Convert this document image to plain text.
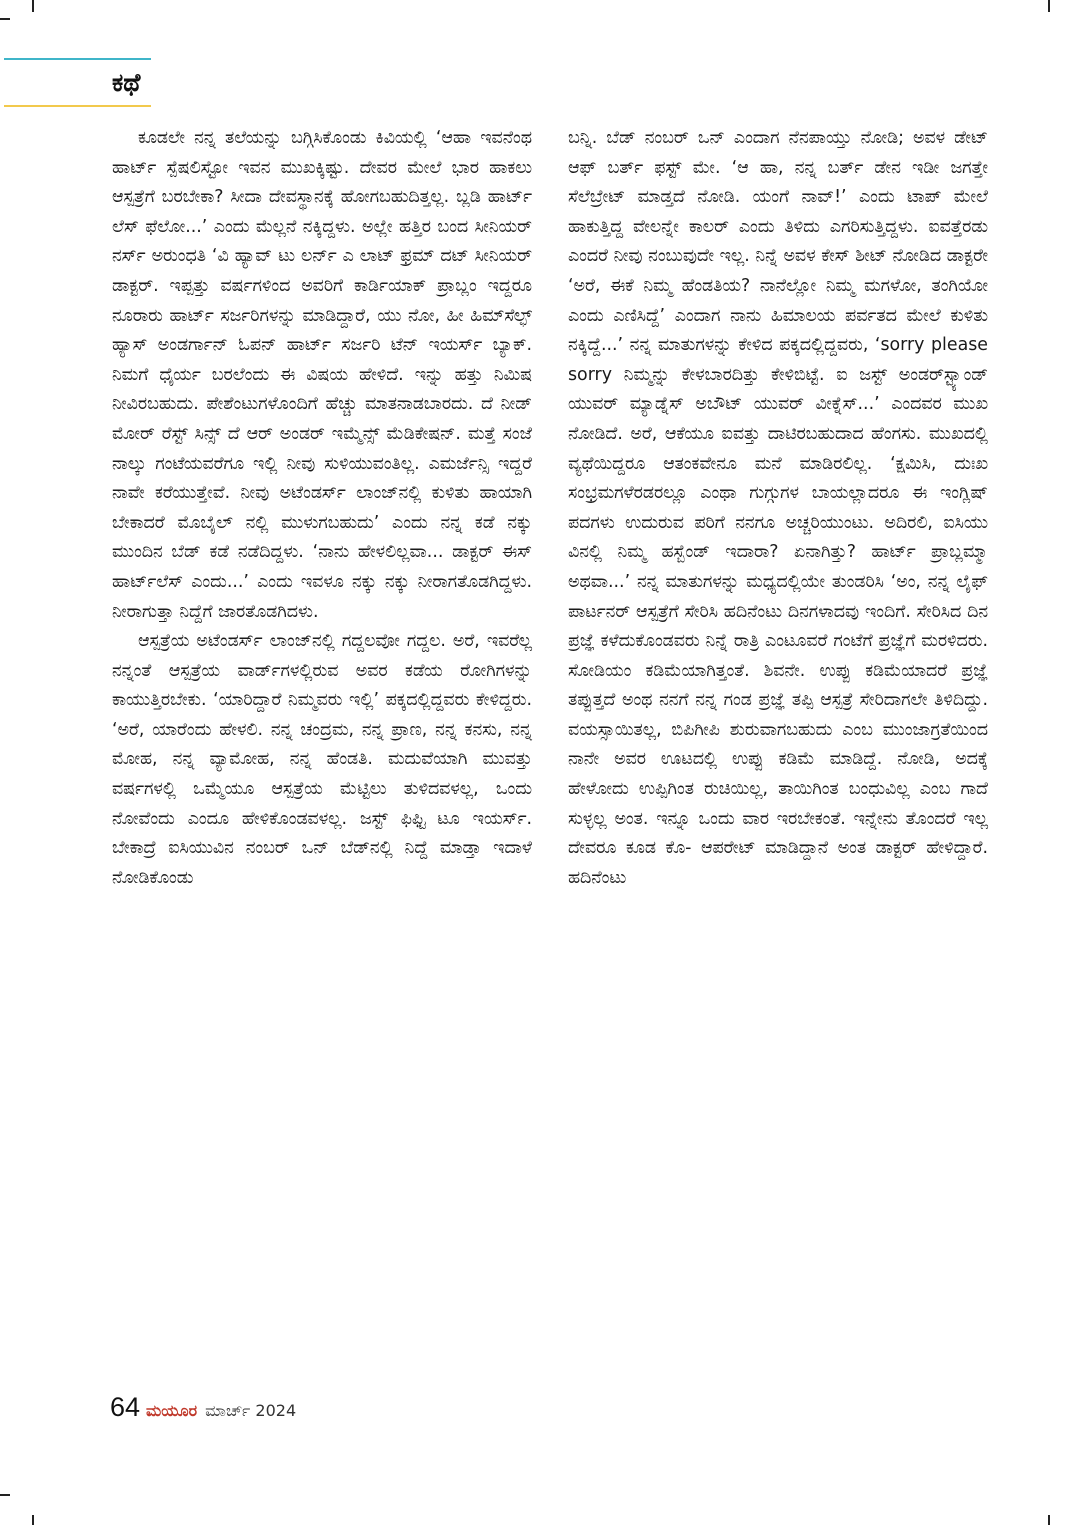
ಕಥೆ

ಕೂಡಲೇ ನನ್ನ ತಲೆಯನ್ನು ಬಗ್ಗಿಸಿಕೊಂಡು ಕಿವಿಯಲ್ಲಿ ‘ಆಹಾ ಇವನೆಂಥ ಹಾರ್ಟ್ ಸ್ಪೆಷಲಿಸ್ಟೋ ಇವನ ಮುಖಕ್ಕಿಷ್ಟು. ದೇವರ ಮೇಲೆ ಭಾರ ಹಾಕಲು ಆಸ್ಪತ್ರೆಗೆ ಬರಬೇಕಾ? ಸೀದಾ ದೇವಸ್ಥಾನಕ್ಕೆ ಹೋಗಬಹುದಿತ್ತಲ್ಲ. ಬ್ಲಡಿ ಹಾರ್ಟ್ ಲೆಸ್ ಫೆಲೋ...’ ಎಂದು ಮೆಲ್ಲನೆ ನಕ್ಕಿದ್ದಳು. ಅಲ್ಲೇ ಹತ್ತಿರ ಬಂದ ಸೀನಿಯರ್ ನರ್ಸ್ ಅರುಂಧತಿ ‘ವಿ ಹ್ಯಾವ್ ಟು ಲರ್ನ್ ಎ ಲಾಟ್ ಫ್ರಮ್ ದಟ್ ಸೀನಿಯರ್ ಡಾಕ್ಟರ್. ಇಪ್ಪತ್ತು ವರ್ಷಗಳಿಂದ ಅವರಿಗೆ ಕಾರ್ಡಿಯಾಕ್ ಪ್ರಾಬ್ಲಂ ಇದ್ದರೂ ನೂರಾರು ಹಾರ್ಟ್ ಸರ್ಜರಿಗಳನ್ನು ಮಾಡಿದ್ದಾರೆ, ಯು ನೋ, ಹೀ ಹಿಮ್‌ಸೆಲ್ಫ್ ಹ್ಯಾಸ್ ಅಂಡರ್ಗಾನ್ ಓಪನ್ ಹಾರ್ಟ್ ಸರ್ಜರಿ ಟೆನ್ ಇಯರ್ಸ್ ಬ್ಯಾಕ್. ನಿಮಗೆ ಧೈರ್ಯ ಬರಲೆಂದು ಈ ವಿಷಯ ಹೇಳಿದೆ. ಇನ್ನು ಹತ್ತು ನಿಮಿಷ ನೀವಿರಬಹುದು. ಪೇಶೆಂಟುಗಳೊಂದಿಗೆ ಹೆಚ್ಚು ಮಾತನಾಡಬಾರದು. ದೆ ನೀಡ್ ಮೋರ್ ರೆಸ್ಟ್ ಸಿನ್ಸ್ ದೆ ಆರ್ ಅಂಡರ್ ಇಮ್ಮೆನ್ಸ್ ಮೆಡಿಕೇಷನ್. ಮತ್ತೆ ಸಂಜೆ ನಾಲ್ಕು ಗಂಟೆಯವರೆಗೂ ಇಲ್ಲಿ ನೀವು ಸುಳಿಯುವಂತಿಲ್ಲ. ಎಮರ್ಜೆನ್ಸಿ ಇದ್ದರೆ ನಾವೇ ಕರೆಯುತ್ತೇವೆ. ನೀವು ಅಟೆಂಡರ್ಸ್ ಲಾಂಜ್‌ನಲ್ಲಿ ಕುಳಿತು ಹಾಯಾಗಿ ಬೇಕಾದರೆ ಮೊಬೈಲ್ ನಲ್ಲಿ ಮುಳುಗಬಹುದು’ ಎಂದು ನನ್ನ ಕಡೆ ನಕ್ಕು ಮುಂದಿನ ಬೆಡ್ ಕಡೆ ನಡೆದಿದ್ದಳು. ‘ನಾನು ಹೇಳಲಿಲ್ಲವಾ... ಡಾಕ್ಟರ್ ಈಸ್ ಹಾರ್ಟ್‌ಲೆಸ್ ಎಂದು...’ ಎಂದು ಇವಳೂ ನಕ್ಕು ನಕ್ಕು ನೀರಾಗತೊಡಗಿದ್ದಳು. ನೀರಾಗುತ್ತಾ ನಿದ್ದೆಗೆ ಜಾರತೊಡಗಿದಳು.

ಆಸ್ಪತ್ರೆಯ ಅಟೆಂಡರ್ಸ್ ಲಾಂಜ್‌ನಲ್ಲಿ ಗದ್ದಲವೋ ಗದ್ದಲ. ಅರೆ, ಇವರೆಲ್ಲ ನನ್ನಂತೆ ಆಸ್ಪತ್ರೆಯ ವಾರ್ಡ್‌ಗಳಲ್ಲಿರುವ ಅವರ ಕಡೆಯ ರೋಗಿಗಳನ್ನು ಕಾಯುತ್ತಿರಬೇಕು. ‘ಯಾರಿದ್ದಾರೆ ನಿಮ್ಮವರು ಇಲ್ಲಿ’ ಪಕ್ಕದಲ್ಲಿದ್ದವರು ಕೇಳಿದ್ದರು. ‘ಅರೆ, ಯಾರೆಂದು ಹೇಳಲಿ. ನನ್ನ ಚಂದ್ರಮ, ನನ್ನ ಪ್ರಾಣ, ನನ್ನ ಕನಸು, ನನ್ನ ಮೋಹ, ನನ್ನ ವ್ಯಾಮೋಹ, ನನ್ನ ಹೆಂಡತಿ. ಮದುವೆಯಾಗಿ ಮುವತ್ತು ವರ್ಷಗಳಲ್ಲಿ ಒಮ್ಮೆಯೂ ಆಸ್ಪತ್ರೆಯ ಮೆಟ್ಟಿಲು ತುಳಿದವಳಲ್ಲ, ಒಂದು ನೋವೆಂದು ಎಂದೂ ಹೇಳಿಕೊಂಡವಳಲ್ಲ. ಜಸ್ಟ್ ಫಿಫ್ಟಿ ಟೂ ಇಯರ್ಸ್. ಬೇಕಾದ್ರೆ ಐಸಿಯುವಿನ ನಂಬರ್ ಒನ್ ಬೆಡ್‌ನಲ್ಲಿ ನಿದ್ದೆ ಮಾಡ್ತಾ ಇದಾಳೆ ನೋಡಿಕೊಂಡು

ಬನ್ನಿ. ಬೆಡ್ ನಂಬರ್ ಒನ್ ಎಂದಾಗ ನೆನಪಾಯ್ತು ನೋಡಿ; ಅವಳ ಡೇಟ್ ಆಫ್ ಬರ್ತ್ ಫಸ್ಟ್ ಮೇ. ‘ಆ ಹಾ, ನನ್ನ ಬರ್ತ್ ಡೇನ ಇಡೀ ಜಗತ್ತೇ ಸೆಲೆಬ್ರೇಟ್ ಮಾಡ್ತದೆ ನೋಡಿ. ಯಂಗೆ ನಾವ್!’ ಎಂದು ಟಾಪ್ ಮೇಲೆ ಹಾಕುತ್ತಿದ್ದ ವೇಲನ್ನೇ ಕಾಲರ್ ಎಂದು ತಿಳಿದು ಎಗರಿಸುತ್ತಿದ್ದಳು. ಐವತ್ತೆರಡು ಎಂದರೆ ನೀವು ನಂಬುವುದೇ ಇಲ್ಲ. ನಿನ್ನೆ ಅವಳ ಕೇಸ್ ಶೀಟ್ ನೋಡಿದ ಡಾಕ್ಟರೇ ‘ಅರೆ, ಈಕೆ ನಿಮ್ಮ ಹೆಂಡತಿಯ? ನಾನೆಲ್ಲೋ ನಿಮ್ಮ ಮಗಳೋ, ತಂಗಿಯೋ ಎಂದು ಎಣಿಸಿದ್ದೆ’ ಎಂದಾಗ ನಾನು ಹಿಮಾಲಯ ಪರ್ವತದ ಮೇಲೆ ಕುಳಿತು ನಕ್ಕಿದ್ದೆ...’ ನನ್ನ ಮಾತುಗಳನ್ನು ಕೇಳಿದ ಪಕ್ಕದಲ್ಲಿದ್ದವರು, ‘sorry please sorry ನಿಮ್ಮನ್ನು ಕೇಳಬಾರದಿತ್ತು ಕೇಳಿಬಿಟ್ಟೆ. ಐ ಜಸ್ಟ್ ಅಂಡರ್‌ಸ್ಟ್ಯಾಂಡ್ ಯುವರ್ ಮ್ಯಾಡ್ನೆಸ್ ಅಬೌಟ್ ಯುವರ್ ವೀಕ್ನೆಸ್...’ ಎಂದವರ ಮುಖ ನೋಡಿದೆ. ಅರೆ, ಆಕೆಯೂ ಐವತ್ತು ದಾಟಿರಬಹುದಾದ ಹೆಂಗಸು. ಮುಖದಲ್ಲಿ ವ್ಯಥೆಯಿದ್ದರೂ ಆತಂಕವೇನೂ ಮನೆ ಮಾಡಿರಲಿಲ್ಲ. ‘ಕ್ಷಮಿಸಿ, ದುಃಖ ಸಂಭ್ರಮಗಳೆರಡರಲ್ಲೂ ಎಂಥಾ ಗುಗ್ಗುಗಳ ಬಾಯಲ್ಲಾದರೂ ಈ ಇಂಗ್ಲಿಷ್ ಪದಗಳು ಉದುರುವ ಪರಿಗೆ ನನಗೂ ಅಚ್ಚರಿಯುಂಟು. ಅದಿರಲಿ, ಐಸಿಯು ವಿನಲ್ಲಿ ನಿಮ್ಮ ಹಸ್ಬೆಂಡ್ ಇದಾರಾ? ಏನಾಗಿತ್ತು? ಹಾರ್ಟ್ ಪ್ರಾಬ್ಲಮ್ಮಾ ಅಥವಾ...’ ನನ್ನ ಮಾತುಗಳನ್ನು ಮಧ್ಯದಲ್ಲಿಯೇ ತುಂಡರಿಸಿ ‘ಅಂ, ನನ್ನ ಲೈಫ್ ಪಾರ್ಟನರ್ ಆಸ್ಪತ್ರೆಗೆ ಸೇರಿಸಿ ಹದಿನೆಂಟು ದಿನಗಳಾದವು ಇಂದಿಗೆ. ಸೇರಿಸಿದ ದಿನ ಪ್ರಜ್ಞೆ ಕಳೆದುಕೊಂಡವರು ನಿನ್ನೆ ರಾತ್ರಿ ಎಂಟೂವರೆ ಗಂಟೆಗೆ ಪ್ರಜ್ಞೆಗೆ ಮರಳಿದರು. ಸೋಡಿಯಂ ಕಡಿಮೆಯಾಗಿತ್ತಂತೆ. ಶಿವನೇ. ಉಪ್ಪು ಕಡಿಮೆಯಾದರೆ ಪ್ರಜ್ಞೆ ತಪ್ಪುತ್ತದೆ ಅಂಥ ನನಗೆ ನನ್ನ ಗಂಡ ಪ್ರಜ್ಞೆ ತಪ್ಪಿ ಆಸ್ಪತ್ರೆ ಸೇರಿದಾಗಲೇ ತಿಳಿದಿದ್ದು. ವಯಸ್ಸಾಯಿತಲ್ಲ, ಬಿಪಿಗೀಪಿ ಶುರುವಾಗಬಹುದು ಎಂಬ ಮುಂಜಾಗ್ರತೆಯಿಂದ ನಾನೇ ಅವರ ಊಟದಲ್ಲಿ ಉಪ್ಪು ಕಡಿಮೆ ಮಾಡಿದ್ದೆ. ನೋಡಿ, ಅದಕ್ಕೆ ಹೇಳೋದು ಉಪ್ಪಿಗಿಂತ ರುಚಿಯಿಲ್ಲ, ತಾಯಿಗಿಂತ ಬಂಧುವಿಲ್ಲ ಎಂಬ ಗಾದೆ ಸುಳ್ಳಲ್ಲ ಅಂತ. ಇನ್ನೂ ಒಂದು ವಾರ ಇರಬೇಕಂತೆ. ಇನ್ನೇನು ತೊಂದರೆ ಇಲ್ಲ ದೇವರೂ ಕೂಡ ಕೊ- ಆಪರೇಟ್ ಮಾಡಿದ್ದಾನೆ ಅಂತ ಡಾಕ್ಟರ್ ಹೇಳಿದ್ದಾರೆ. ಹದಿನೆಂಟು

64 ಮಯೂರ ಮಾರ್ಚ್ 2024
